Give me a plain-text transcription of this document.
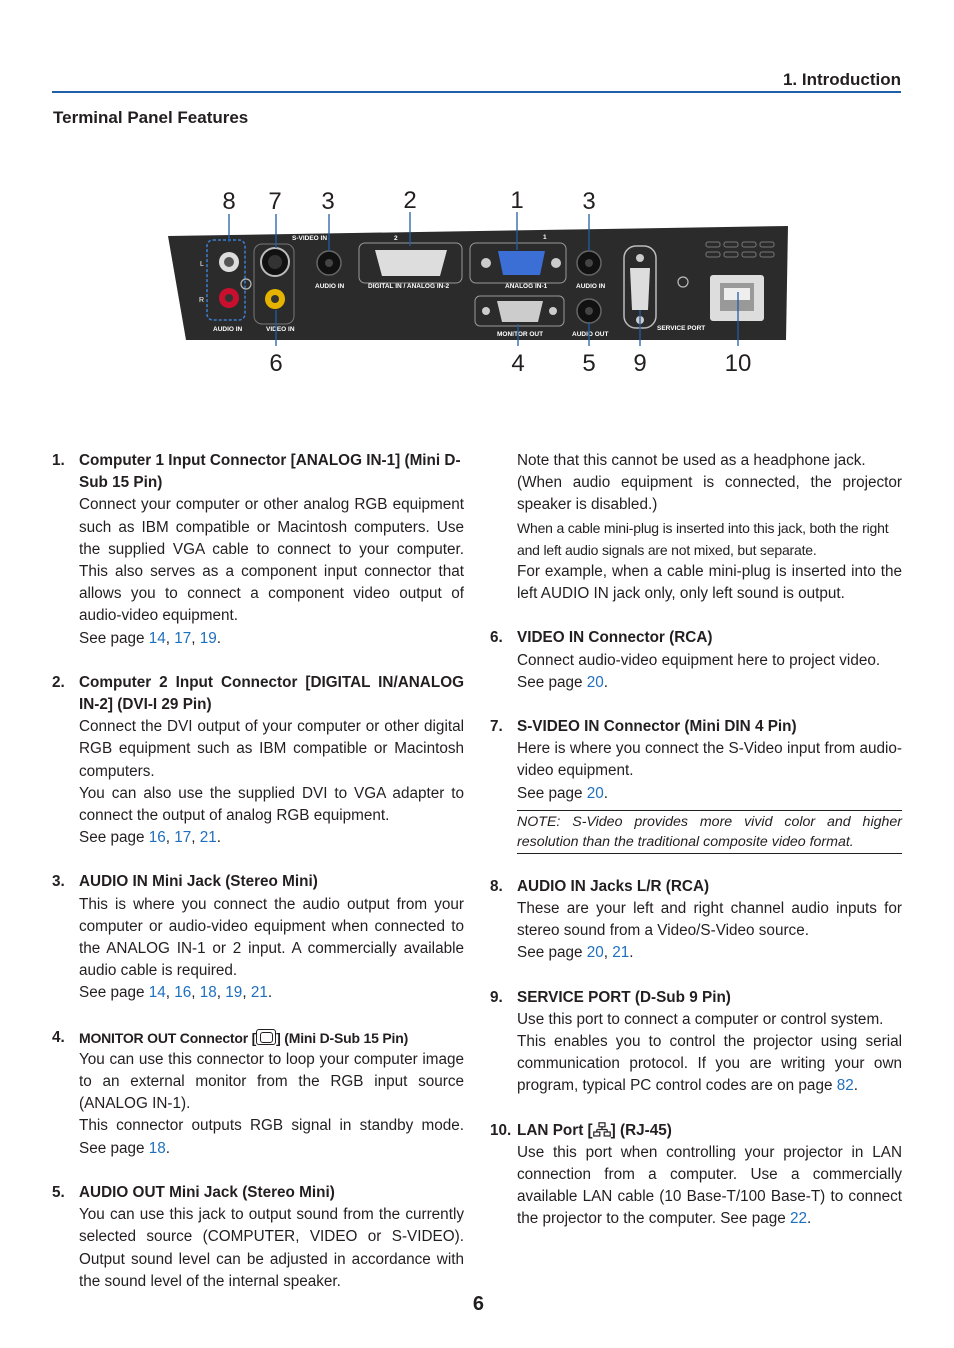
1. Introduction
Terminal Panel Features
L
R
S-VIDEO IN	2	1
AUDIO IN	DIGITAL IN / ANALOG IN-2	ANALOG IN-1	AUDIO IN
AUDIO IN	VIDEO IN
MONITOR OUT	AUDIO OUT
SERVICE PORT
8 7 3	2	1 3
6	4 5 9	10
1. Computer 1 Input Connector [ANALOG IN-1] (Mini D-Sub 15 Pin)
Connect your computer or other analog RGB equipment such as IBM compatible or Macintosh computers. Use the supplied VGA cable to connect to your computer. This also serves as a component input connector that allows you to connect a component video output of audio-video equipment.
See page 14, 17, 19.
2. Computer 2 Input Connector [DIGITAL IN/ANALOG IN-2] (DVI-I 29 Pin)
Connect the DVI output of your computer or other digital RGB equipment such as IBM compatible or Macintosh computers.
You can also use the supplied DVI to VGA adapter to connect the output of analog RGB equipment.
See page 16, 17, 21.
3. AUDIO IN Mini Jack (Stereo Mini)
This is where you connect the audio output from your computer or audio-video equipment when connected to the ANALOG IN-1 or 2 input. A commercially available audio cable is required.
See page 14, 16, 18, 19, 21.
4. MONITOR OUT Connector [ ] (Mini D-Sub 15 Pin)
You can use this connector to loop your computer image to an external monitor from the RGB input source (ANALOG IN-1).
This connector outputs RGB signal in standby mode. See page 18.
5. AUDIO OUT Mini Jack (Stereo Mini)
You can use this jack to output sound from the currently selected source (COMPUTER, VIDEO or S-VIDEO). Output sound level can be adjusted in accordance with the sound level of the internal speaker.
Note that this cannot be used as a headphone jack.
(When audio equipment is connected, the projector speaker is disabled.)
When a cable mini-plug is inserted into this jack, both the right and left audio signals are not mixed, but separate.
For example, when a cable mini-plug is inserted into the left AUDIO IN jack only, only left sound is output.
6. VIDEO IN Connector (RCA)
Connect audio-video equipment here to project video.
See page 20.
7. S-VIDEO IN Connector (Mini DIN 4 Pin)
Here is where you connect the S-Video input from audio-video equipment.
See page 20.
NOTE: S-Video provides more vivid color and higher resolution than the traditional composite video format.
8. AUDIO IN Jacks L/R (RCA)
These are your left and right channel audio inputs for stereo sound from a Video/S-Video source.
See page 20, 21.
9. SERVICE PORT (D-Sub 9 Pin)
Use this port to connect a computer or control system.
This enables you to control the projector using serial communication protocol. If you are writing your own program, typical PC control codes are on page 82.
10. LAN Port [ ] (RJ-45)
Use this port when controlling your projector in LAN connection from a computer. Use a commercially available LAN cable (10 Base-T/100 Base-T) to connect the projector to the computer. See page 22.
6
